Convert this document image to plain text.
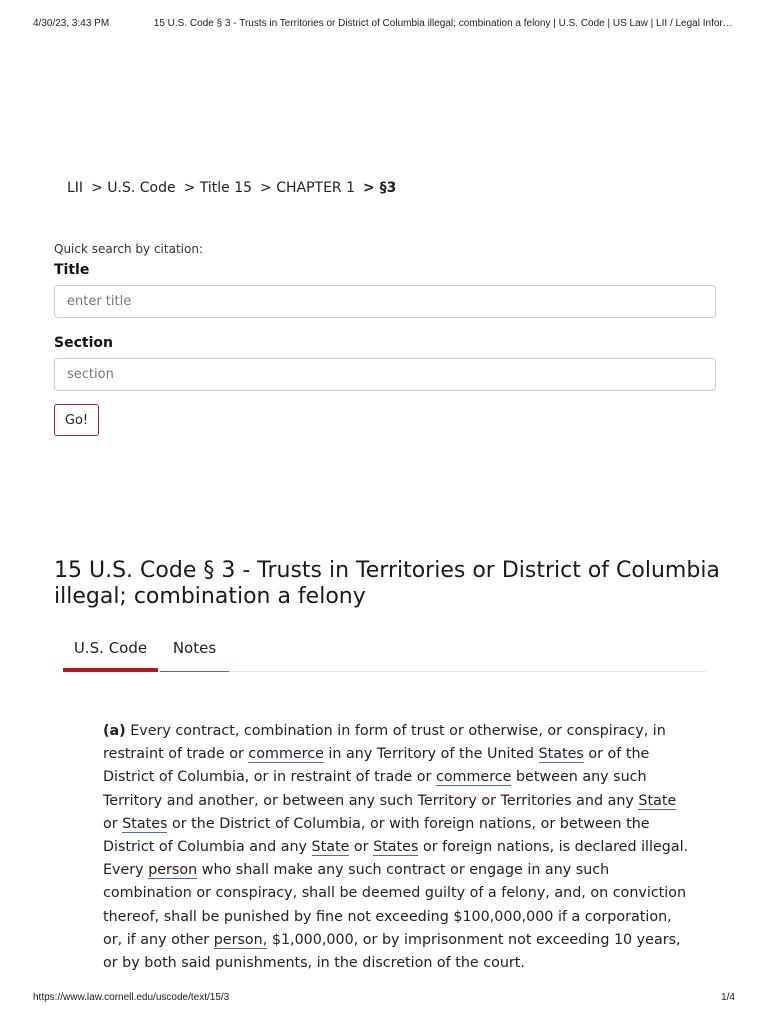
4/30/23, 3:43 PM	15 U.S. Code § 3 - Trusts in Territories or District of Columbia illegal; combination a felony | U.S. Code | US Law | LII / Legal Infor…
LII > U.S. Code > Title 15 > CHAPTER 1 > §3
Quick search by citation:
Title
enter title
Section
section
Go!
15 U.S. Code § 3 - Trusts in Territories or District of Columbia illegal; combination a felony
U.S. Code	Notes
(a) Every contract, combination in form of trust or otherwise, or conspiracy, in restraint of trade or commerce in any Territory of the United States or of the District of Columbia, or in restraint of trade or commerce between any such Territory and another, or between any such Territory or Territories and any State or States or the District of Columbia, or with foreign nations, or between the District of Columbia and any State or States or foreign nations, is declared illegal. Every person who shall make any such contract or engage in any such combination or conspiracy, shall be deemed guilty of a felony, and, on conviction thereof, shall be punished by fine not exceeding $100,000,000 if a corporation, or, if any other person, $1,000,000, or by imprisonment not exceeding 10 years, or by both said punishments, in the discretion of the court.
https://www.law.cornell.edu/uscode/text/15/3	1/4
